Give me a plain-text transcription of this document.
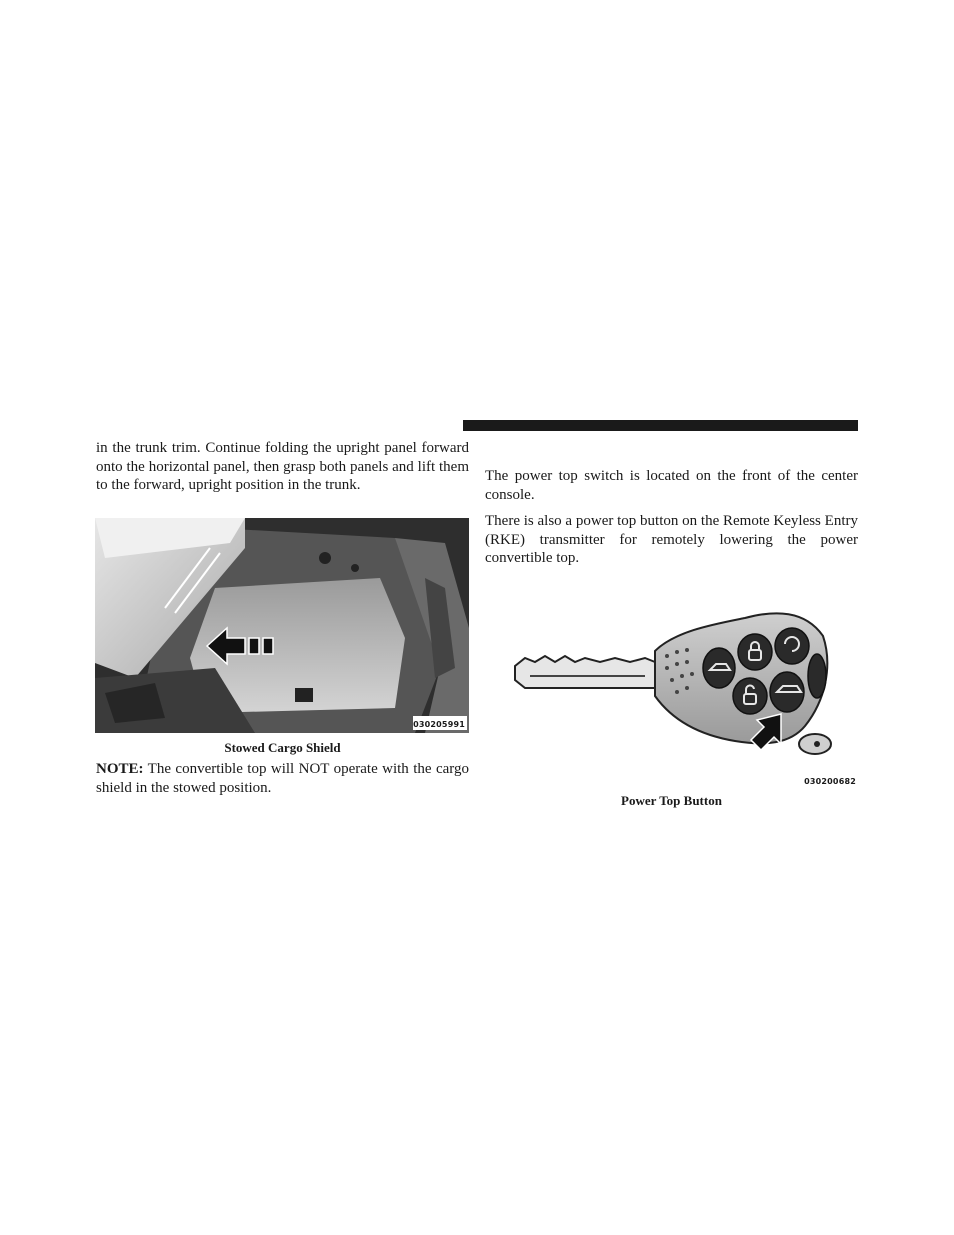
in the trunk trim. Continue folding the upright panel forward onto the horizontal panel, then grasp both panels and lift them to the forward, upright position in the trunk.

030205991

Stowed Cargo Shield

NOTE: The convertible top will NOT operate with the cargo shield in the stowed position.

The power top switch is located on the front of the center console.

There is also a power top button on the Remote Keyless Entry (RKE) transmitter for remotely lowering the power convertible top.

030200682

Power Top Button
